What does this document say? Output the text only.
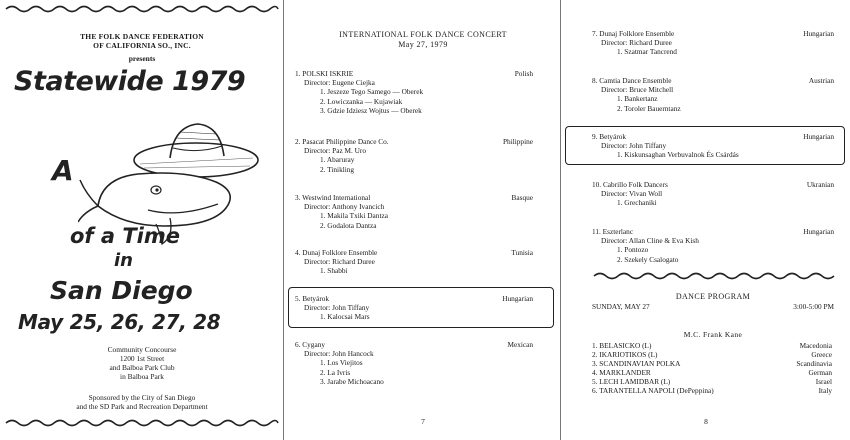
THE FOLK DANCE FEDERATION
OF CALIFORNIA SO., INC.
presents
Statewide 1979
A
of a Time
in
San Diego
May 25, 26, 27, 28
Community Concourse
1200 1st Street
and Balboa Park Club
in Balboa Park
Sponsored by the City of San Diego
and the SD Park and Recreation Department
INTERNATIONAL FOLK DANCE CONCERT
May 27, 1979
1. POLSKI ISKRIE	Polish
Director: Eugene Ciejka
1. Jeszeze Tego Samego — Oberek
2. Lowiczanka — Kujawiak
3. Gdzie Idziesz Wojtus — Oberek
2. Pasacat Philippine Dance Co.	Philippine
Director: Paz M. Uro
1. Abaruray
2. Tinikling
3. Westwind International	Basque
Director: Anthony Ivancich
1. Makila Txiki Dantza
2. Godalota Dantza
4. Dunaj Folklore Ensemble	Tunisia
Director: Richard Duree
1. Shabbi
5. Betyárok	Hungarian
Director: John Tiffany
1. Kalocsai Mars
6. Cygany	Mexican
Director: John Hancock
1. Los Viejitos
2. La Ivris
3. Jarabe Michoacano
7
7. Dunaj Folklore Ensemble	Hungarian
Director: Richard Duree
1. Szatmar Tancrend
8. Camtia Dance Ensemble	Austrian
Director: Bruce Mitchell
1. Bankertanz
2. Toroler Bauerntanz
9. Betyárok	Hungarian
Director: John Tiffany
1. Kiskunsaghan Verbuvalnok És Csárdás
10. Cabrillo Folk Dancers	Ukranian
Director: Vivan Woll
1. Grechaniki
11. Eszterlanc	Hungarian
Director: Allan Cline & Eva Kish
1. Pontozo
2. Szekely Csalogato
DANCE PROGRAM
SUNDAY, MAY 27	3:00-5:00 PM
M.C. Frank Kane
1. BELASICKO (L)	Macedonia
2. IKARIOTIKOS (L)	Greece
3. SCANDINAVIAN POLKA	Scandinavia
4. MARKLANDER	German
5. LECH LAMIDBAR (L)	Israel
6. TARANTELLA NAPOLI (DePeppina)	Italy
8
